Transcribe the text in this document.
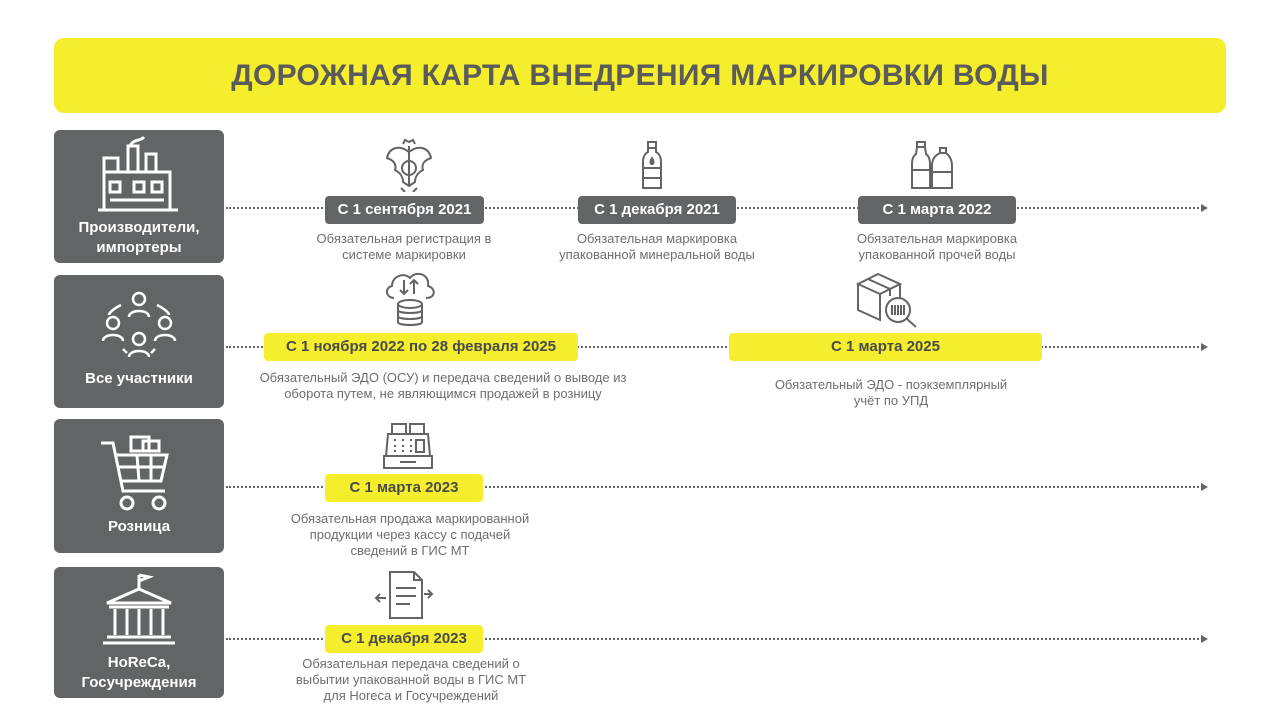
ДОРОЖНАЯ КАРТА ВНЕДРЕНИЯ МАРКИРОВКИ ВОДЫ
Производители, импортеры
С 1 сентября 2021
Обязательная регистрация в системе маркировки
С 1 декабря 2021
Обязательная маркировка упакованной минеральной воды
С 1 марта 2022
Обязательная маркировка упакованной прочей воды
Все участники
С 1 ноября 2022 по 28 февраля 2025
Обязательный ЭДО (ОСУ) и передача сведений о выводе из оборота путем, не являющимся продажей в розницу
С 1 марта 2025
Обязательный ЭДО - поэкземплярный учёт по УПД
Розница
С 1 марта 2023
Обязательная продажа маркированной продукции через кассу с подачей сведений в ГИС МТ
HoReCa, Госучреждения
С 1 декабря 2023
Обязательная передача сведений о выбытии упакованной воды в ГИС МТ для Horeca и Госучреждений
